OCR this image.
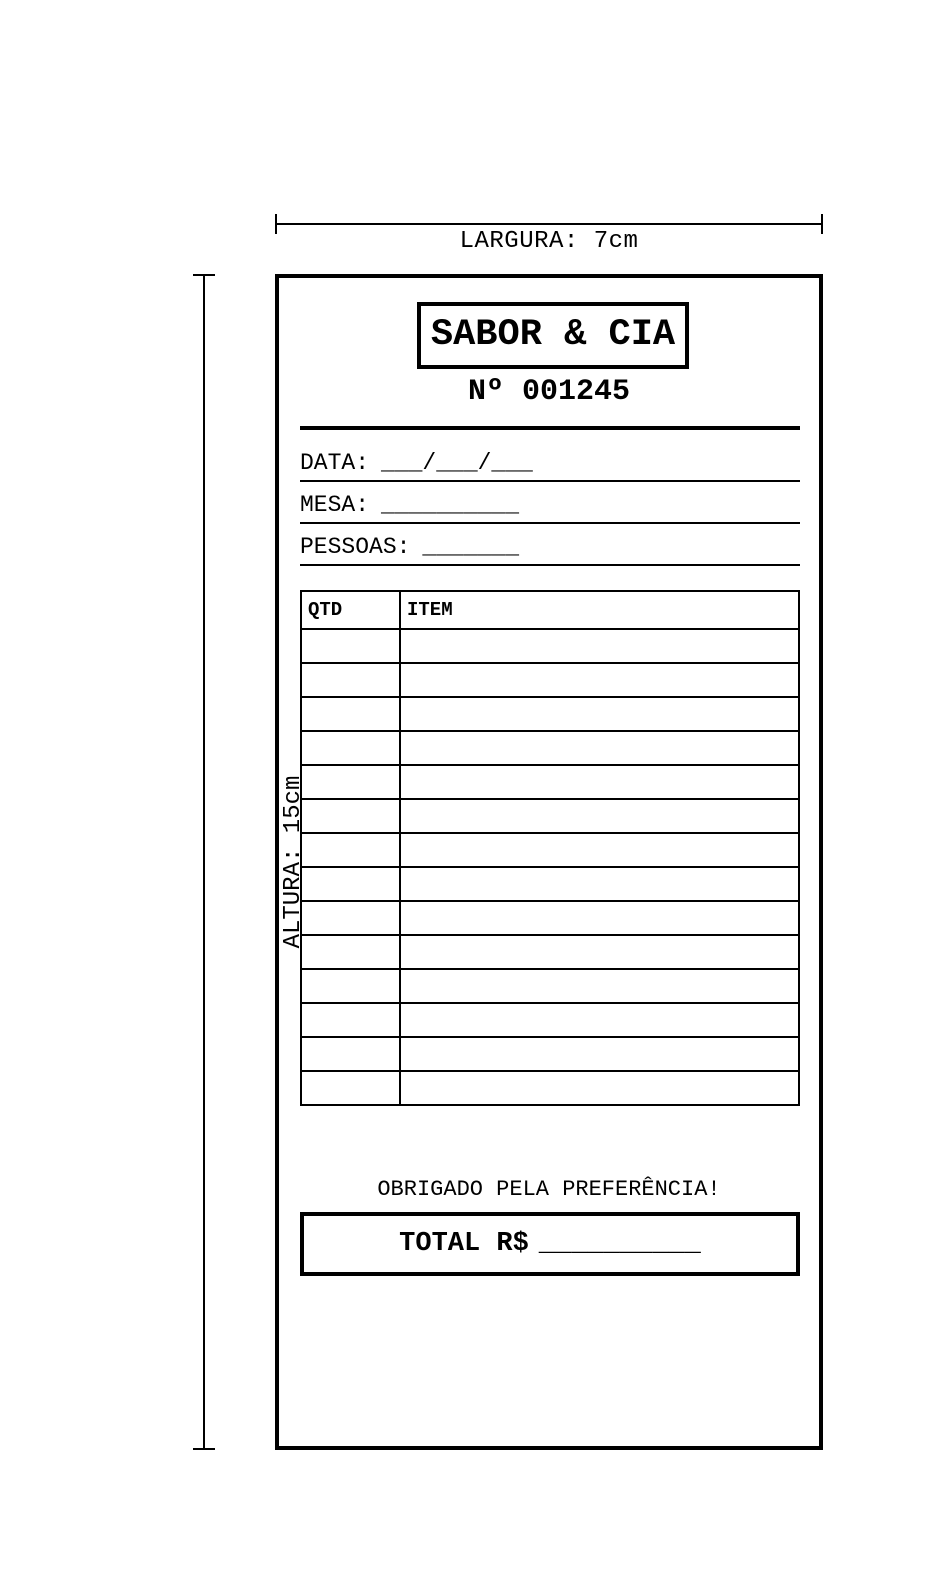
LARGURA: 7cm
SABOR & CIA
Nº 001245
DATA: ___/___/___
MESA: __________
PESSOAS: _______
QTD	ITEM

OBRIGADO PELA PREFERÊNCIA!
TOTAL R$ __________
ALTURA: 15cm
